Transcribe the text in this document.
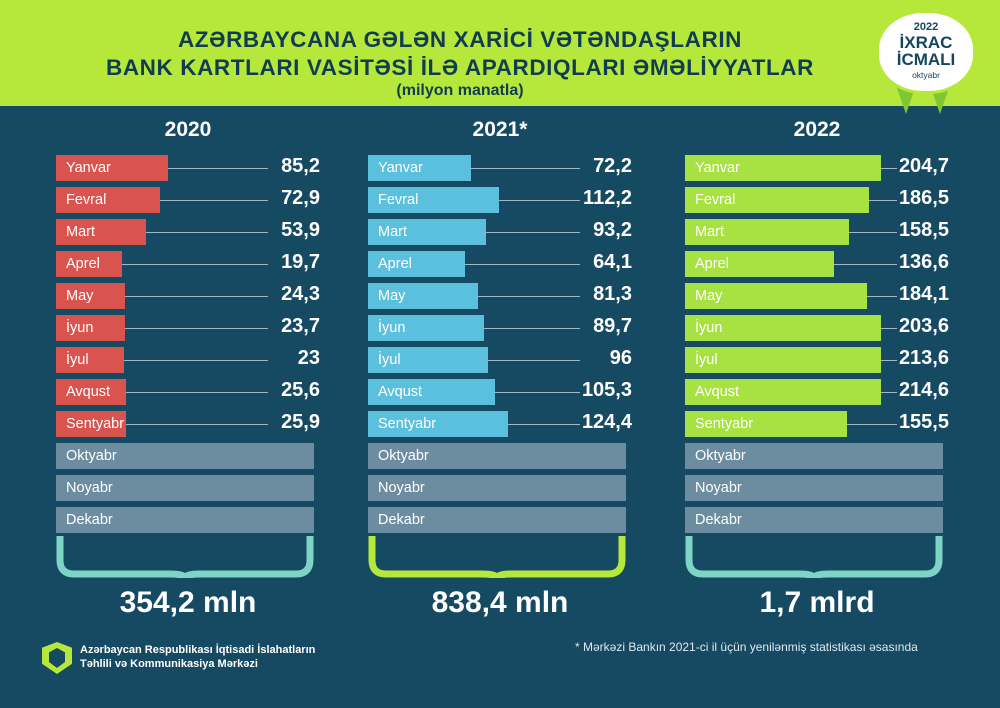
AZƏRBAYCANA GƏLƏN XARİCİ VƏTƏNDAŞLARIN
BANK KARTLARI VASİTƏSİ İLƏ APARDIQLARI ƏMƏLİYYATLAR
(milyon manatla)
2022
İXRAC
İCMALI
oktyabr
2020
Yanvar	85,2
Fevral	72,9
Mart	53,9
Aprel	19,7
May	24,3
İyun	23,7
İyul	23
Avqust	25,6
Sentyabr	25,9
Oktyabr
Noyabr
Dekabr
354,2 mln
2021*
Yanvar	72,2
Fevral	112,2
Mart	93,2
Aprel	64,1
May	81,3
İyun	89,7
İyul	96
Avqust	105,3
Sentyabr	124,4
Oktyabr
Noyabr
Dekabr
838,4 mln
2022
Yanvar	204,7
Fevral	186,5
Mart	158,5
Aprel	136,6
May	184,1
İyun	203,6
İyul	213,6
Avqust	214,6
Sentyabr	155,5
Oktyabr
Noyabr
Dekabr
1,7 mlrd
* Mərkəzi Bankın 2021-ci il üçün yenilənmiş statistikası əsasında
Azərbaycan Respublikası İqtisadi İslahatların
Təhlili və Kommunikasiya Mərkəzi
